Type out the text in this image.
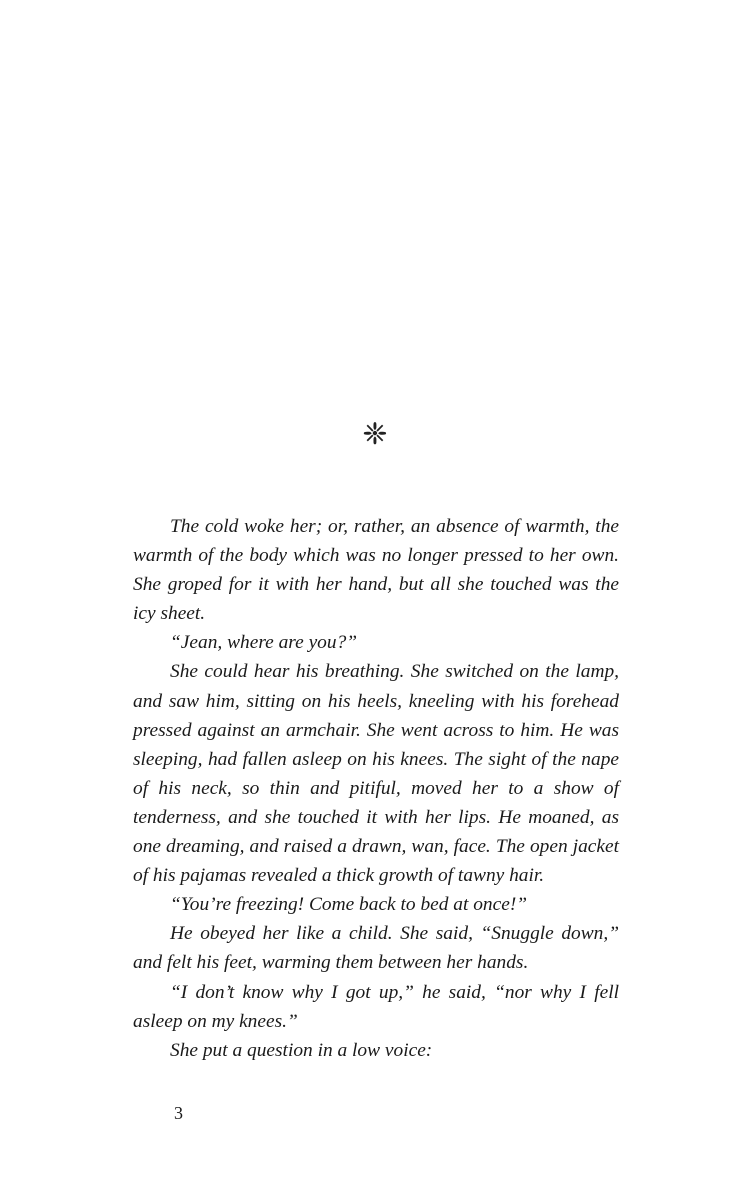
❈

The cold woke her; or, rather, an absence of warmth, the warmth of the body which was no longer pressed to her own. She groped for it with her hand, but all she touched was the icy sheet.

“Jean, where are you?”

She could hear his breathing. She switched on the lamp, and saw him, sitting on his heels, kneeling with his forehead pressed against an armchair. She went across to him. He was sleeping, had fallen asleep on his knees. The sight of the nape of his neck, so thin and pitiful, moved her to a show of tenderness, and she touched it with her lips. He moaned, as one dreaming, and raised a drawn, wan, face. The open jacket of his pajamas revealed a thick growth of tawny hair.

“You’re freezing! Come back to bed at once!”

He obeyed her like a child. She said, “Snuggle down,” and felt his feet, warming them between her hands.

“I don’t know why I got up,” he said, “nor why I fell asleep on my knees.”

She put a question in a low voice:

3
